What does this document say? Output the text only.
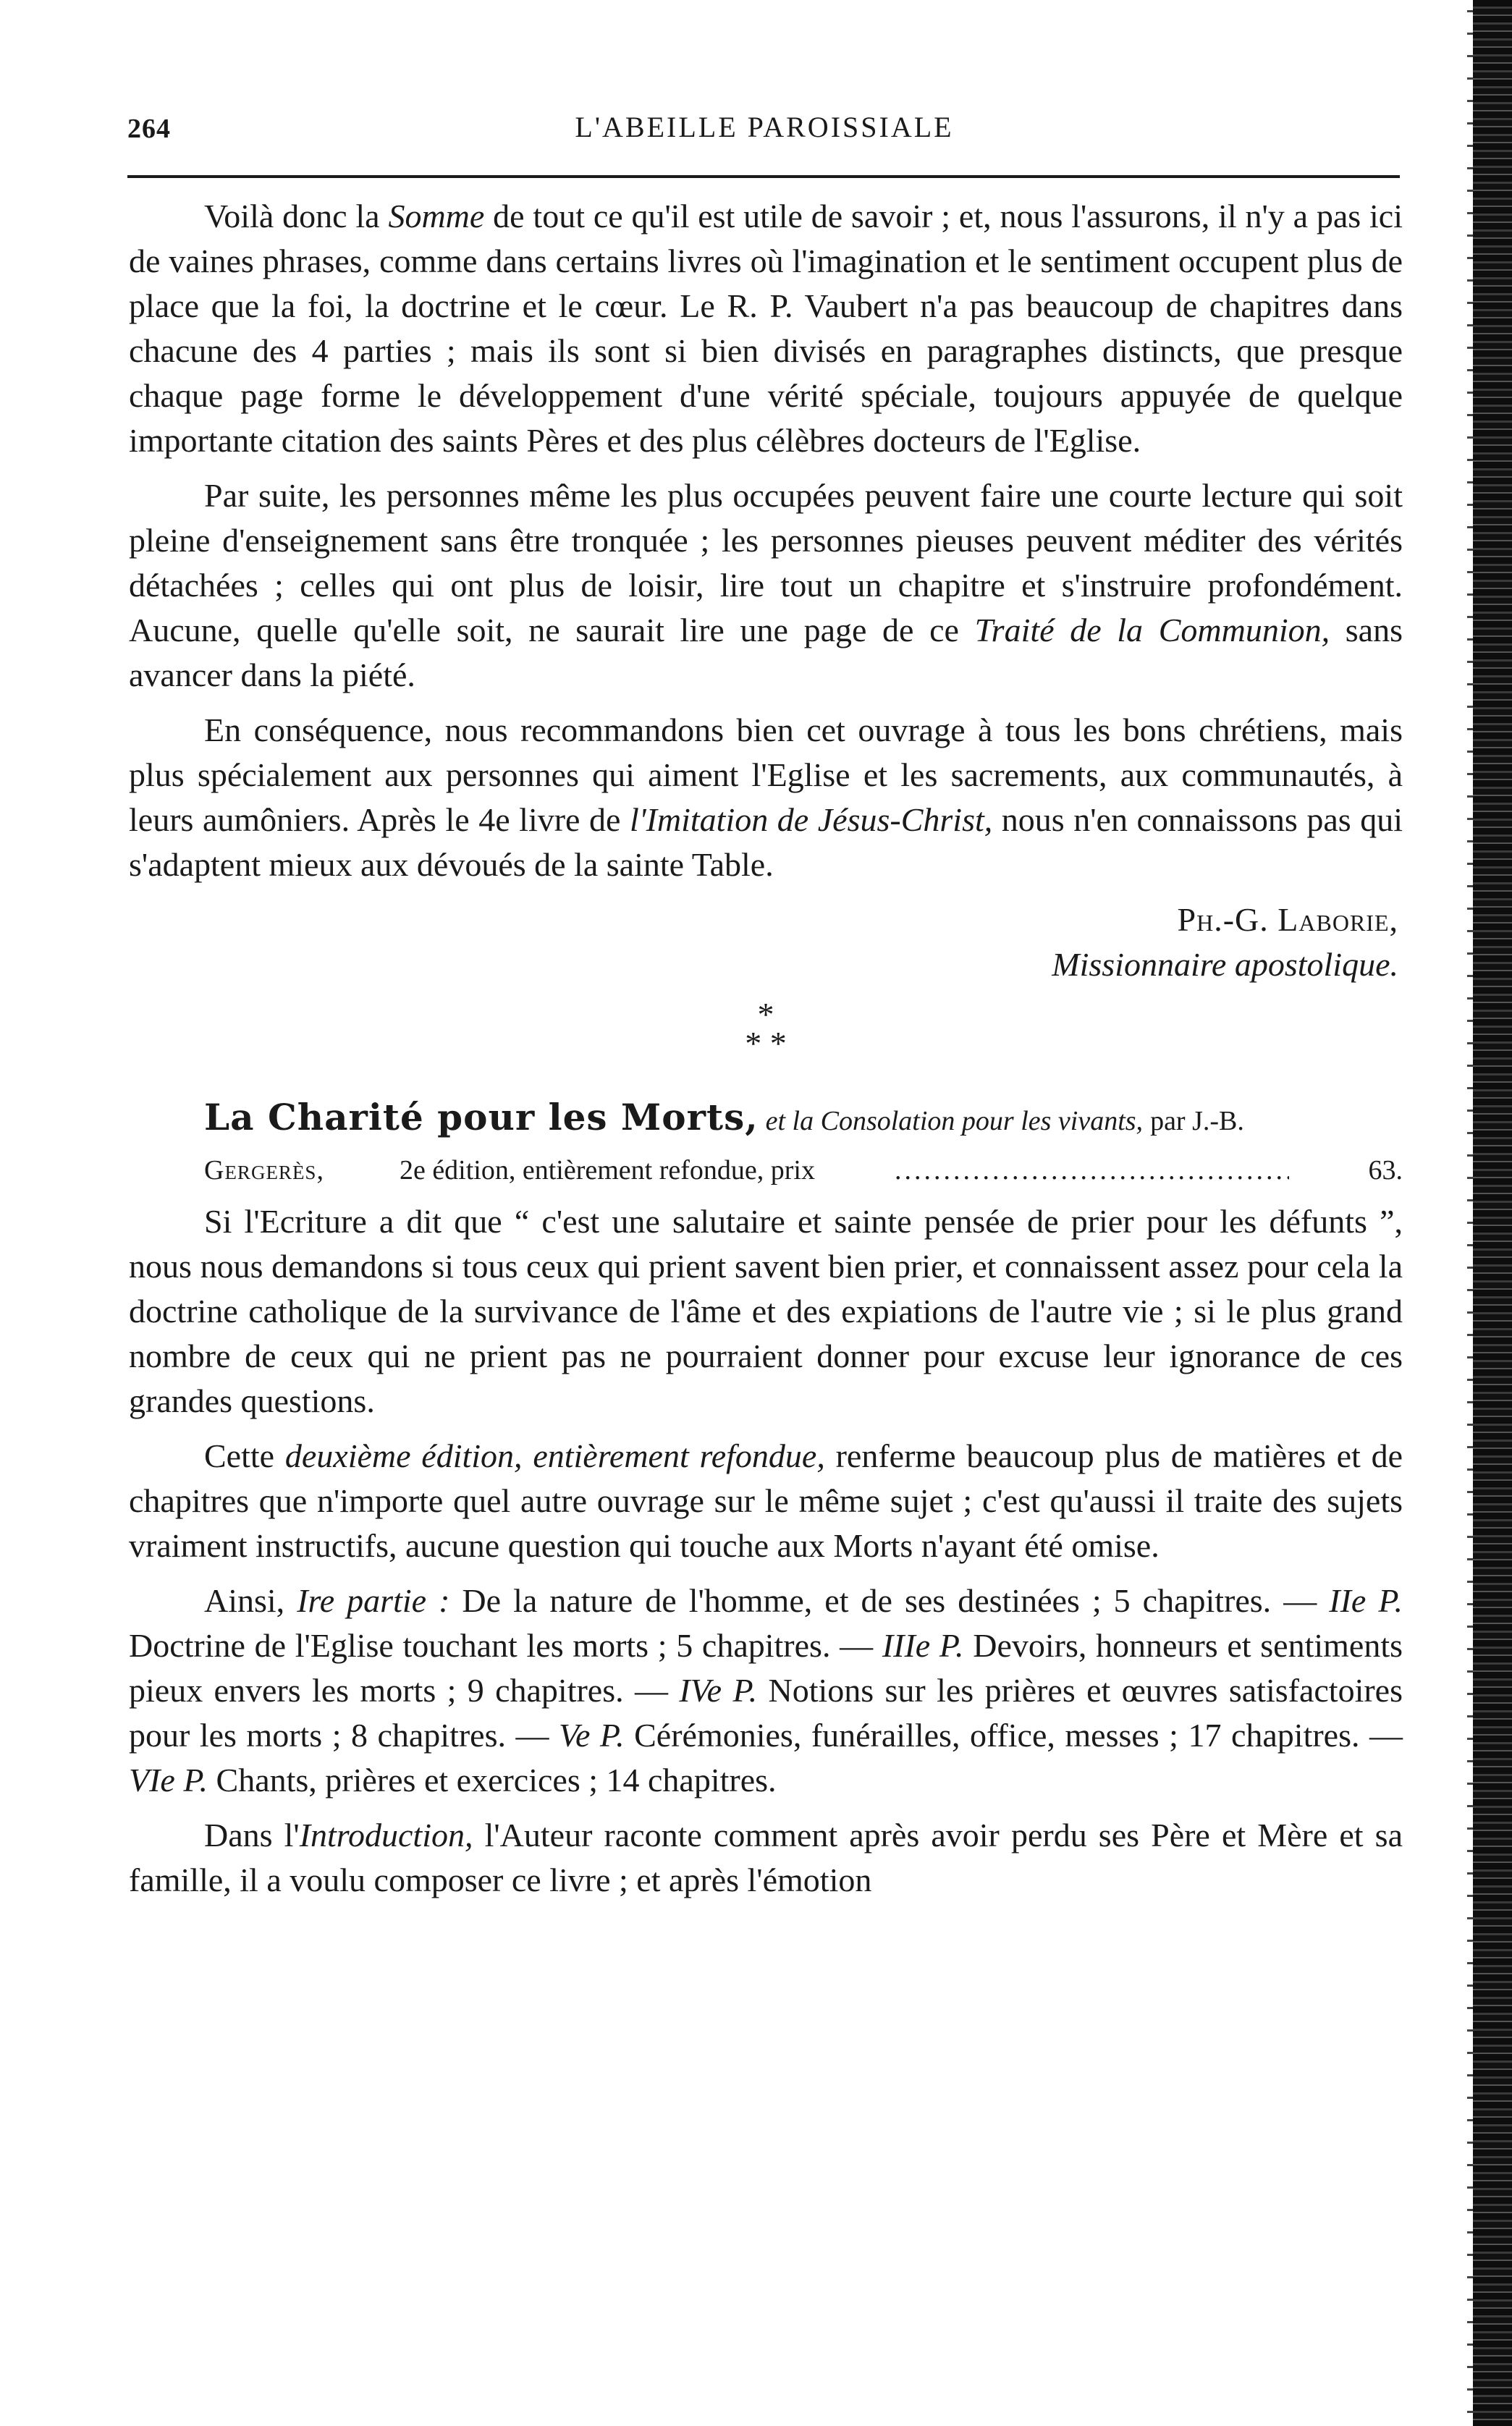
264	L'ABEILLE PAROISSIALE

Voilà donc la Somme de tout ce qu'il est utile de savoir ; et, nous l'assurons, il n'y a pas ici de vaines phrases, comme dans certains livres où l'imagination et le sentiment occupent plus de place que la foi, la doctrine et le cœur. Le R. P. Vaubert n'a pas beaucoup de chapitres dans chacune des 4 parties ; mais ils sont si bien divisés en paragraphes distincts, que presque chaque page forme le développement d'une vérité spéciale, toujours appuyée de quelque importante citation des saints Pères et des plus célèbres docteurs de l'Eglise.

Par suite, les personnes même les plus occupées peuvent faire une courte lecture qui soit pleine d'enseignement sans être tronquée ; les personnes pieuses peuvent méditer des vérités détachées ; celles qui ont plus de loisir, lire tout un chapitre et s'instruire profondément. Aucune, quelle qu'elle soit, ne saurait lire une page de ce Traité de la Communion, sans avancer dans la piété.

En conséquence, nous recommandons bien cet ouvrage à tous les bons chrétiens, mais plus spécialement aux personnes qui aiment l'Eglise et les sacrements, aux communautés, à leurs aumôniers. Après le 4e livre de l'Imitation de Jésus-Christ, nous n'en connaissons pas qui s'adaptent mieux aux dévoués de la sainte Table.

Ph.-G. Laborie,
Missionnaire apostolique.
*
* *

La Charité pour les Morts, et la Consolation pour les vivants, par J.-B.

Gergerès,	2e édition, entièrement refondue, prix
.....	63.

Si l'Ecriture a dit que “ c'est une salutaire et sainte pensée de prier pour les défunts ”, nous nous demandons si tous ceux qui prient savent bien prier, et connaissent assez pour cela la doctrine catholique de la survivance de l'âme et des expiations de l'autre vie ; si le plus grand nombre de ceux qui ne prient pas ne pourraient donner pour excuse leur ignorance de ces grandes questions.

Cette deuxième édition, entièrement refondue, renferme beaucoup plus de matières et de chapitres que n'importe quel autre ouvrage sur le même sujet ; c'est qu'aussi il traite des sujets vraiment instructifs, aucune question qui touche aux Morts n'ayant été omise.

Ainsi, Ire partie : De la nature de l'homme, et de ses destinées ; 5 chapitres. — IIe P. Doctrine de l'Eglise touchant les morts ; 5 chapitres. — IIIe P. Devoirs, honneurs et sentiments pieux envers les morts ; 9 chapitres. — IVe P. Notions sur les prières et œuvres satisfactoires pour les morts ; 8 chapitres. — Ve P. Cérémonies, funérailles, office, messes ; 17 chapitres. — VIe P. Chants, prières et exercices ; 14 chapitres.

Dans l'Introduction, l'Auteur raconte comment après avoir perdu ses Père et Mère et sa famille, il a voulu composer ce livre ; et après l'émotion
